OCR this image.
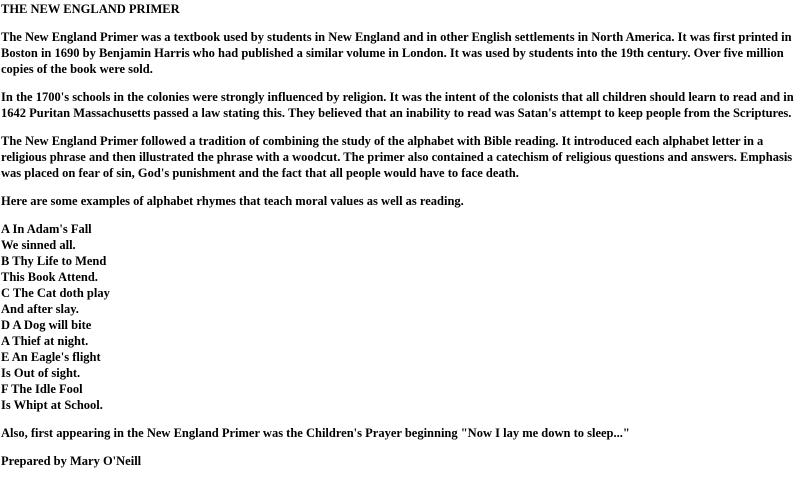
THE NEW ENGLAND PRIMER

The New England Primer was a textbook used by students in New England and in other English settlements in North America. It was first printed in Boston in 1690 by Benjamin Harris who had published a similar volume in London. It was used by students into the 19th century. Over five million copies of the book were sold.

In the 1700's schools in the colonies were strongly influenced by religion. It was the intent of the colonists that all children should learn to read and in 1642 Puritan Massachusetts passed a law stating this. They believed that an inability to read was Satan's attempt to keep people from the Scriptures.

The New England Primer followed a tradition of combining the study of the alphabet with Bible reading. It introduced each alphabet letter in a religious phrase and then illustrated the phrase with a woodcut. The primer also contained a catechism of religious questions and answers. Emphasis was placed on fear of sin, God's punishment and the fact that all people would have to face death.

Here are some examples of alphabet rhymes that teach moral values as well as reading.

A In Adam's Fall
We sinned all.
B Thy Life to Mend
This Book Attend.
C The Cat doth play
And after slay.
D A Dog will bite
A Thief at night.
E An Eagle's flight
Is Out of sight.
F The Idle Fool
Is Whipt at School.

Also, first appearing in the New England Primer was the Children's Prayer beginning "Now I lay me down to sleep..."

Prepared by Mary O'Neill
